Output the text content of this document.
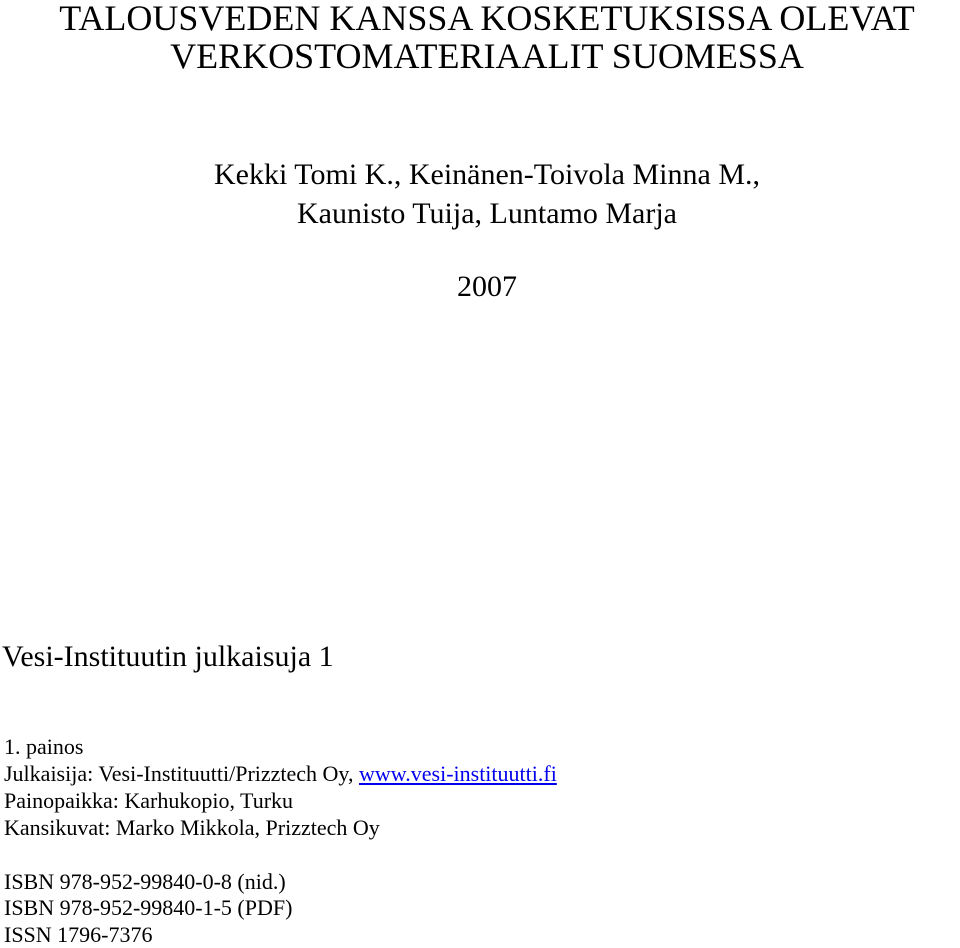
TALOUSVEDEN KANSSA KOSKETUKSISSA OLEVAT
VERKOSTOMATERIAALIT SUOMESSA
Kekki Tomi K., Keinänen-Toivola Minna M.,
Kaunisto Tuija, Luntamo Marja
2007
Vesi-Instituutin julkaisuja 1
1. painos
Julkaisija: Vesi-Instituutti/Prizztech Oy, www.vesi-instituutti.fi
Painopaikka: Karhukopio, Turku
Kansikuvat: Marko Mikkola, Prizztech Oy
ISBN 978-952-99840-0-8 (nid.)
ISBN 978-952-99840-1-5 (PDF)
ISSN 1796-7376
